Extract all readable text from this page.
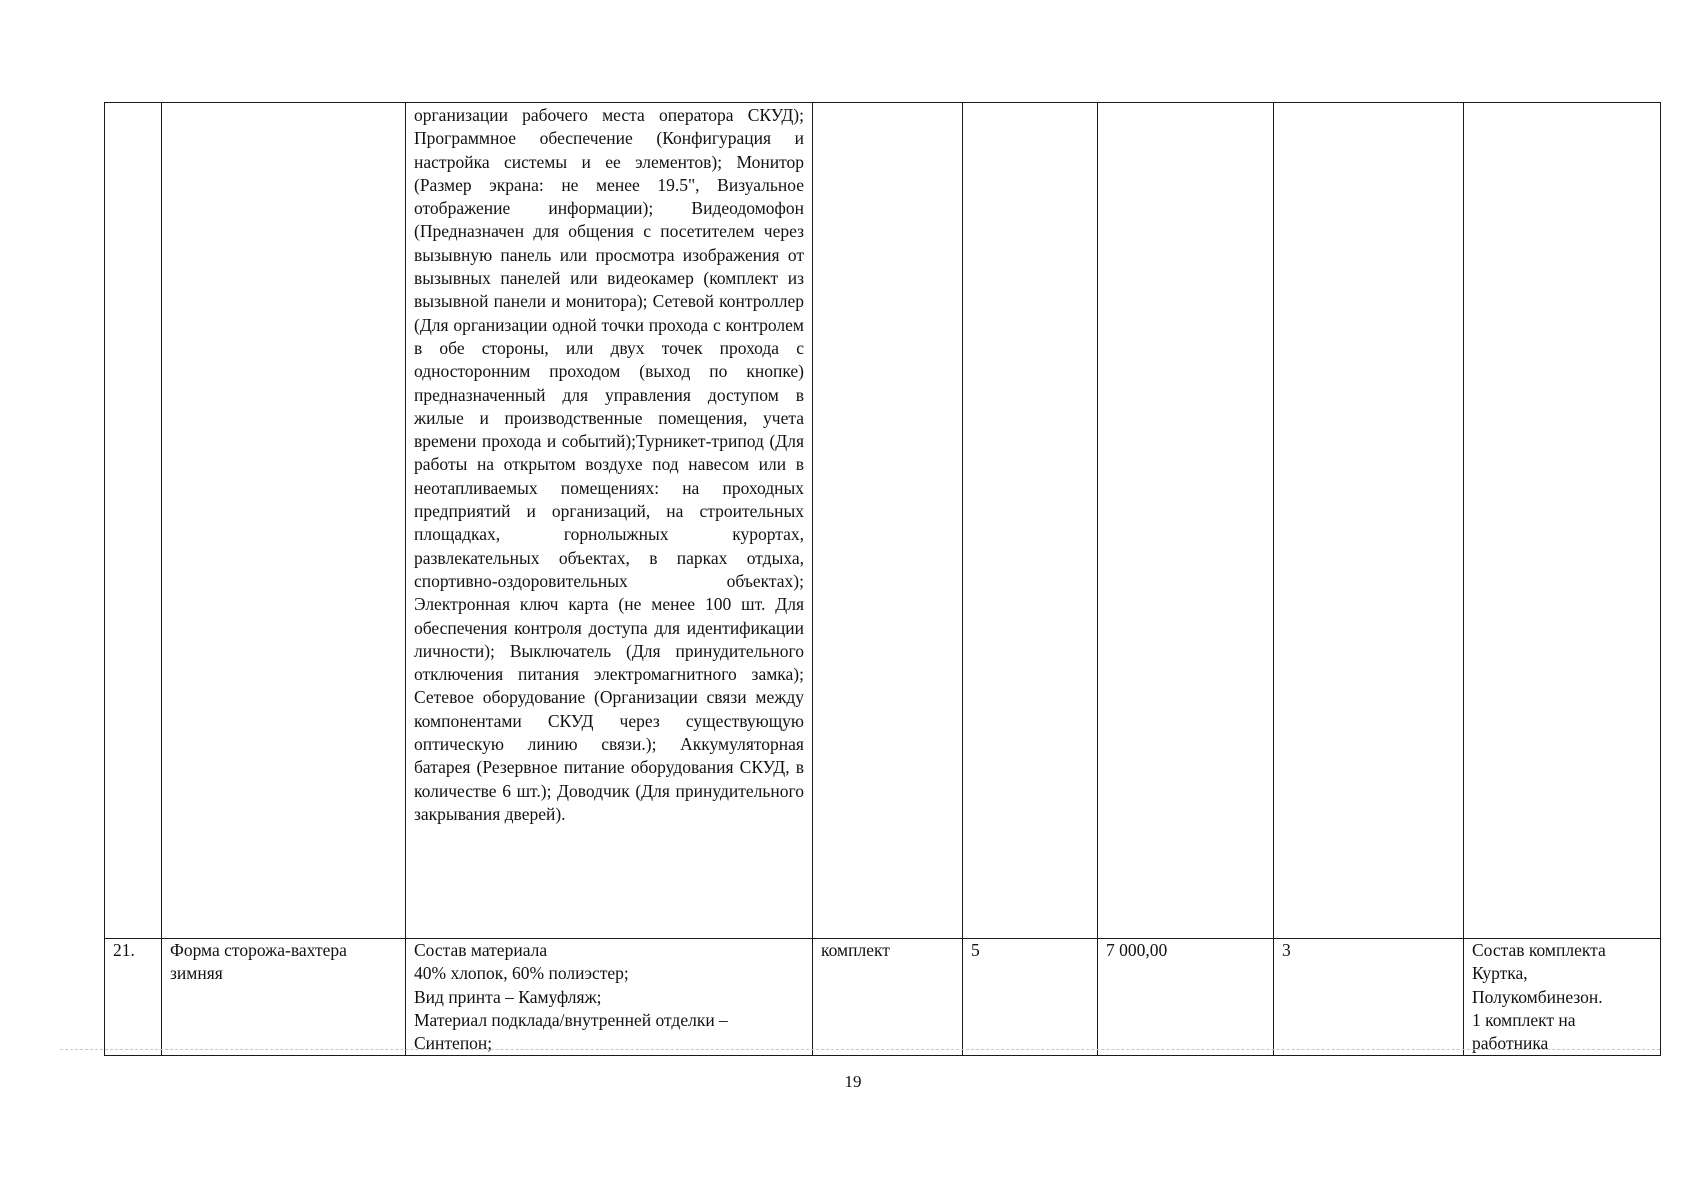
		организации рабочего места оператора СКУД); Программное обеспечение (Конфигурация и настройка системы и ее элементов); Монитор (Размер экрана: не менее 19.5", Визуальное отображение информации); Видеодомофон (Предназначен для общения с посетителем через вызывную панель или просмотра изображения от вызывных панелей или видеокамер (комплект из вызывной панели и монитора); Сетевой контроллер (Для организации одной точки прохода с контролем в обе стороны, или двух точек прохода с односторонним проходом (выход по кнопке) предназначенный для управления доступом в жилые и производственные помещения, учета времени прохода и событий);Турникет-трипод (Для работы на открытом воздухе под навесом или в неотапливаемых помещениях: на проходных предприятий и организаций, на строительных площадках, горнолыжных курортах, развлекательных объектах, в парках отдыха, спортивно-оздоровительных объектах); Электронная ключ карта (не менее 100 шт. Для обеспечения контроля доступа для идентификации личности); Выключатель (Для принудительного отключения питания электромагнитного замка); Сетевое оборудование (Организации связи между компонентами СКУД через существующую оптическую линию связи.); Аккумуляторная батарея (Резервное питание оборудования СКУД, в количестве 6 шт.); Доводчик (Для принудительного закрывания дверей).					
21.	Форма сторожа-вахтера зимняя	Состав материала
40% хлопок, 60% полиэстер;
Вид принта – Камуфляж;
Материал подклада/внутренней отделки –
Синтепон;	комплект	5	7 000,00	3	Состав комплекта
Куртка,
Полукомбинезон.
1 комплект на
работника
19
